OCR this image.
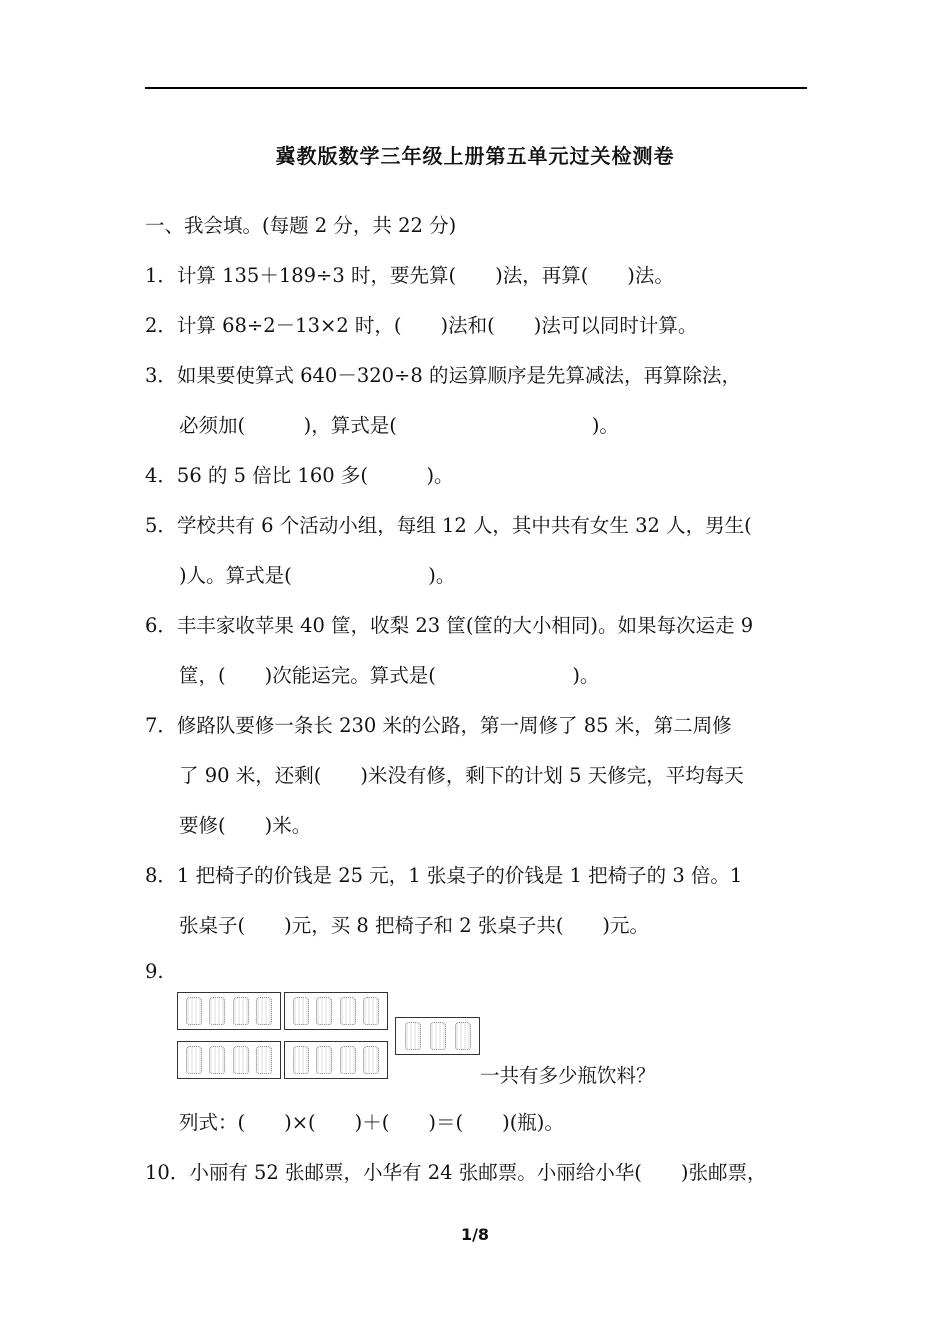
冀教版数学三年级上册第五单元过关检测卷
一、我会填。(每题 2 分，共 22 分)
1．计算 135＋189÷3 时，要先算(　　)法，再算(　　)法。
2．计算 68÷2－13×2 时，(　　)法和(　　)法可以同时计算。
3．如果要使算式 640－320÷8 的运算顺序是先算减法，再算除法，
必须加(　　　)，算式是(　　　　　　　　　　)。
4．56 的 5 倍比 160 多(　　　)。
5．学校共有 6 个活动小组，每组 12 人，其中共有女生 32 人，男生(
)人。算式是(　　　　　　　)。
6．丰丰家收苹果 40 筐，收梨 23 筐(筐的大小相同)。如果每次运走 9
筐，(　　)次能运完。算式是(　　　　　　　)。
7．修路队要修一条长 230 米的公路，第一周修了 85 米，第二周修
了 90 米，还剩(　　)米没有修，剩下的计划 5 天修完，平均每天
要修(　　)米。
8．1 把椅子的价钱是 25 元，1 张桌子的价钱是 1 把椅子的 3 倍。1
张桌子(　　)元，买 8 把椅子和 2 张桌子共(　　)元。
9.
一共有多少瓶饮料？
列式：(　　)×(　　)＋(　　)＝(　　)(瓶)。
10．小丽有 52 张邮票，小华有 24 张邮票。小丽给小华(　　)张邮票，
1/8
